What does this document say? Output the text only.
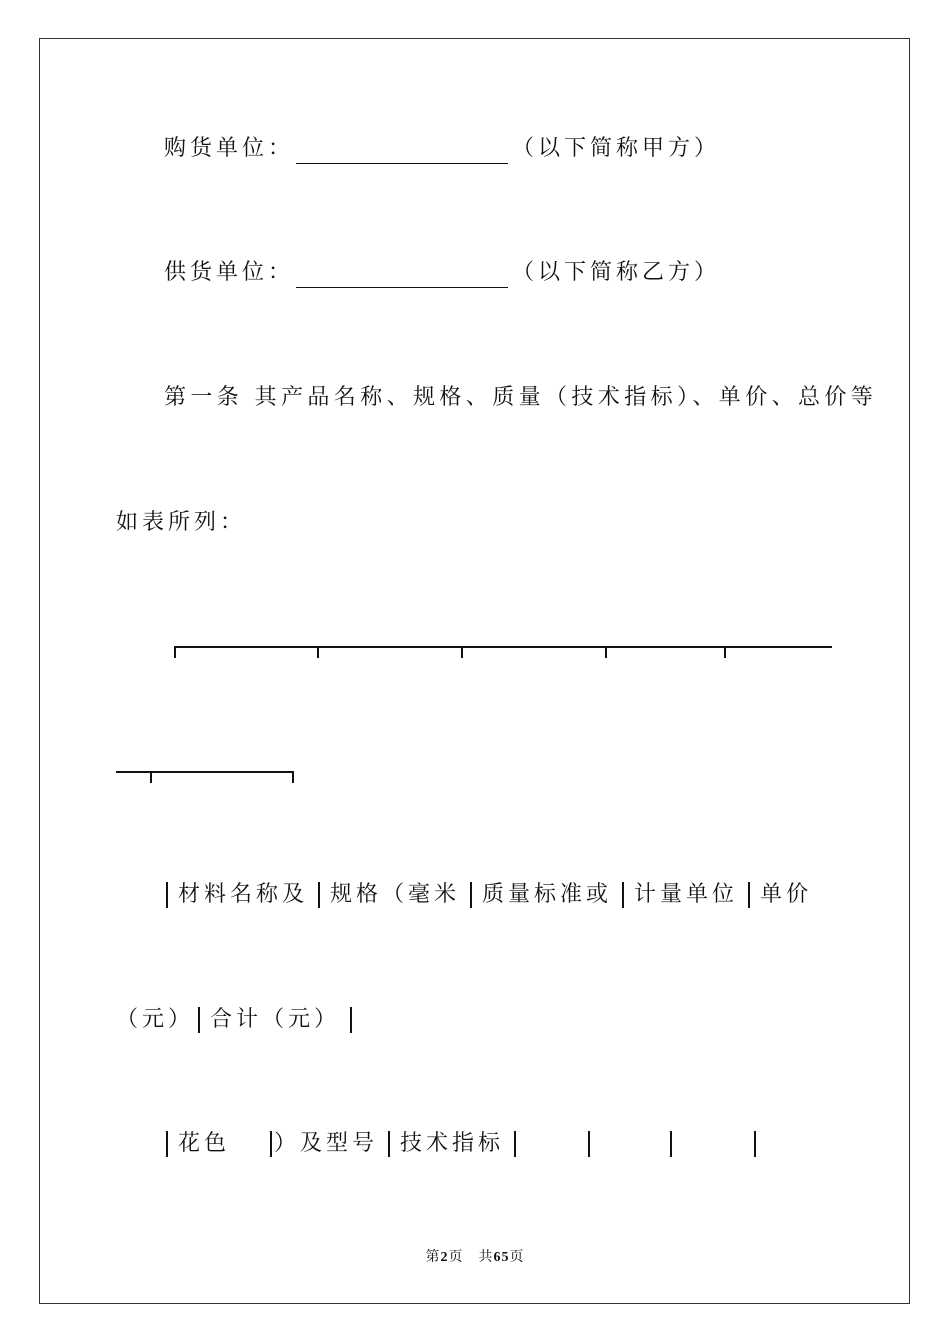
购货单位：	（以下简称甲方）
供货单位：	（以下简称乙方）
第一条 其产品名称、规格、质量（技术指标）、单价、总价等
如表所列：
材料名称及 规格（毫米 质量标准或 计量单位 单价
（元） 合计（元）
花色 ）及型号 技术指标
第2页　共65页
